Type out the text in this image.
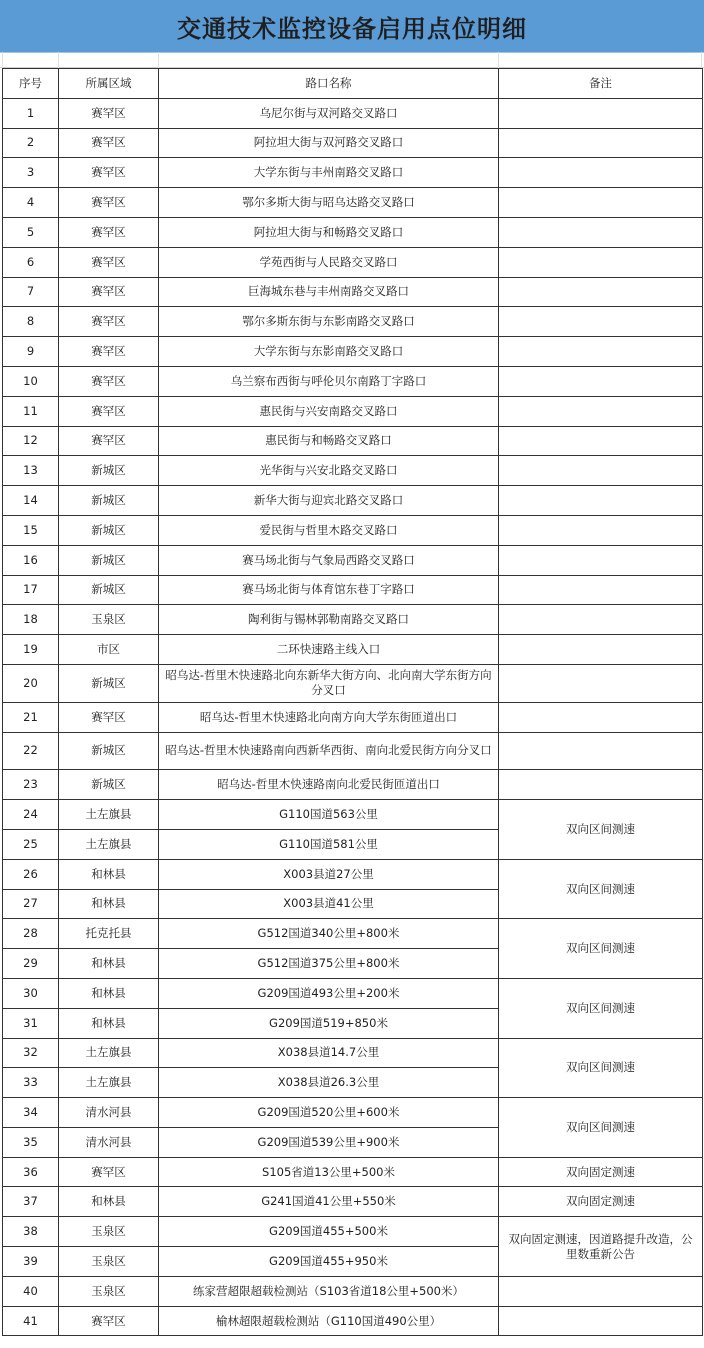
交通技术监控设备启用点位明细
序号	所属区域	路口名称	备注
1	赛罕区	乌尼尔街与双河路交叉路口	
2	赛罕区	阿拉坦大街与双河路交叉路口	
3	赛罕区	大学东街与丰州南路交叉路口	
4	赛罕区	鄂尔多斯大街与昭乌达路交叉路口	
5	赛罕区	阿拉坦大街与和畅路交叉路口	
6	赛罕区	学苑西街与人民路交叉路口	
7	赛罕区	巨海城东巷与丰州南路交叉路口	
8	赛罕区	鄂尔多斯东街与东影南路交叉路口	
9	赛罕区	大学东街与东影南路交叉路口	
10	赛罕区	乌兰察布西街与呼伦贝尔南路丁字路口	
11	赛罕区	惠民街与兴安南路交叉路口	
12	赛罕区	惠民街与和畅路交叉路口	
13	新城区	光华街与兴安北路交叉路口	
14	新城区	新华大街与迎宾北路交叉路口	
15	新城区	爱民街与哲里木路交叉路口	
16	新城区	赛马场北街与气象局西路交叉路口	
17	新城区	赛马场北街与体育馆东巷丁字路口	
18	玉泉区	陶利街与锡林郭勒南路交叉路口	
19	市区	二环快速路主线入口	
20	新城区	昭乌达-哲里木快速路北向东新华大街方向、北向南大学东街方向分叉口	
21	赛罕区	昭乌达-哲里木快速路北向南方向大学东街匝道出口	
22	新城区	昭乌达-哲里木快速路南向西新华西街、南向北爱民街方向分叉口	
23	新城区	昭乌达-哲里木快速路南向北爱民街匝道出口	
24	土左旗县	G110国道563公里	双向区间测速
25	土左旗县	G110国道581公里	
26	和林县	X003县道27公里	双向区间测速
27	和林县	X003县道41公里	
28	托克托县	G512国道340公里+800米	双向区间测速
29	和林县	G512国道375公里+800米	
30	和林县	G209国道493公里+200米	双向区间测速
31	和林县	G209国道519+850米	
32	土左旗县	X038县道14.7公里	双向区间测速
33	土左旗县	X038县道26.3公里	
34	清水河县	G209国道520公里+600米	双向区间测速
35	清水河县	G209国道539公里+900米	
36	赛罕区	S105省道13公里+500米	双向固定测速
37	和林县	G241国道41公里+550米	双向固定测速
38	玉泉区	G209国道455+500米	双向固定测速，因道路提升改造，公里数重新公告
39	玉泉区	G209国道455+950米	
40	玉泉区	练家营超限超载检测站（S103省道18公里+500米）	
41	赛罕区	榆林超限超载检测站（G110国道490公里）	
